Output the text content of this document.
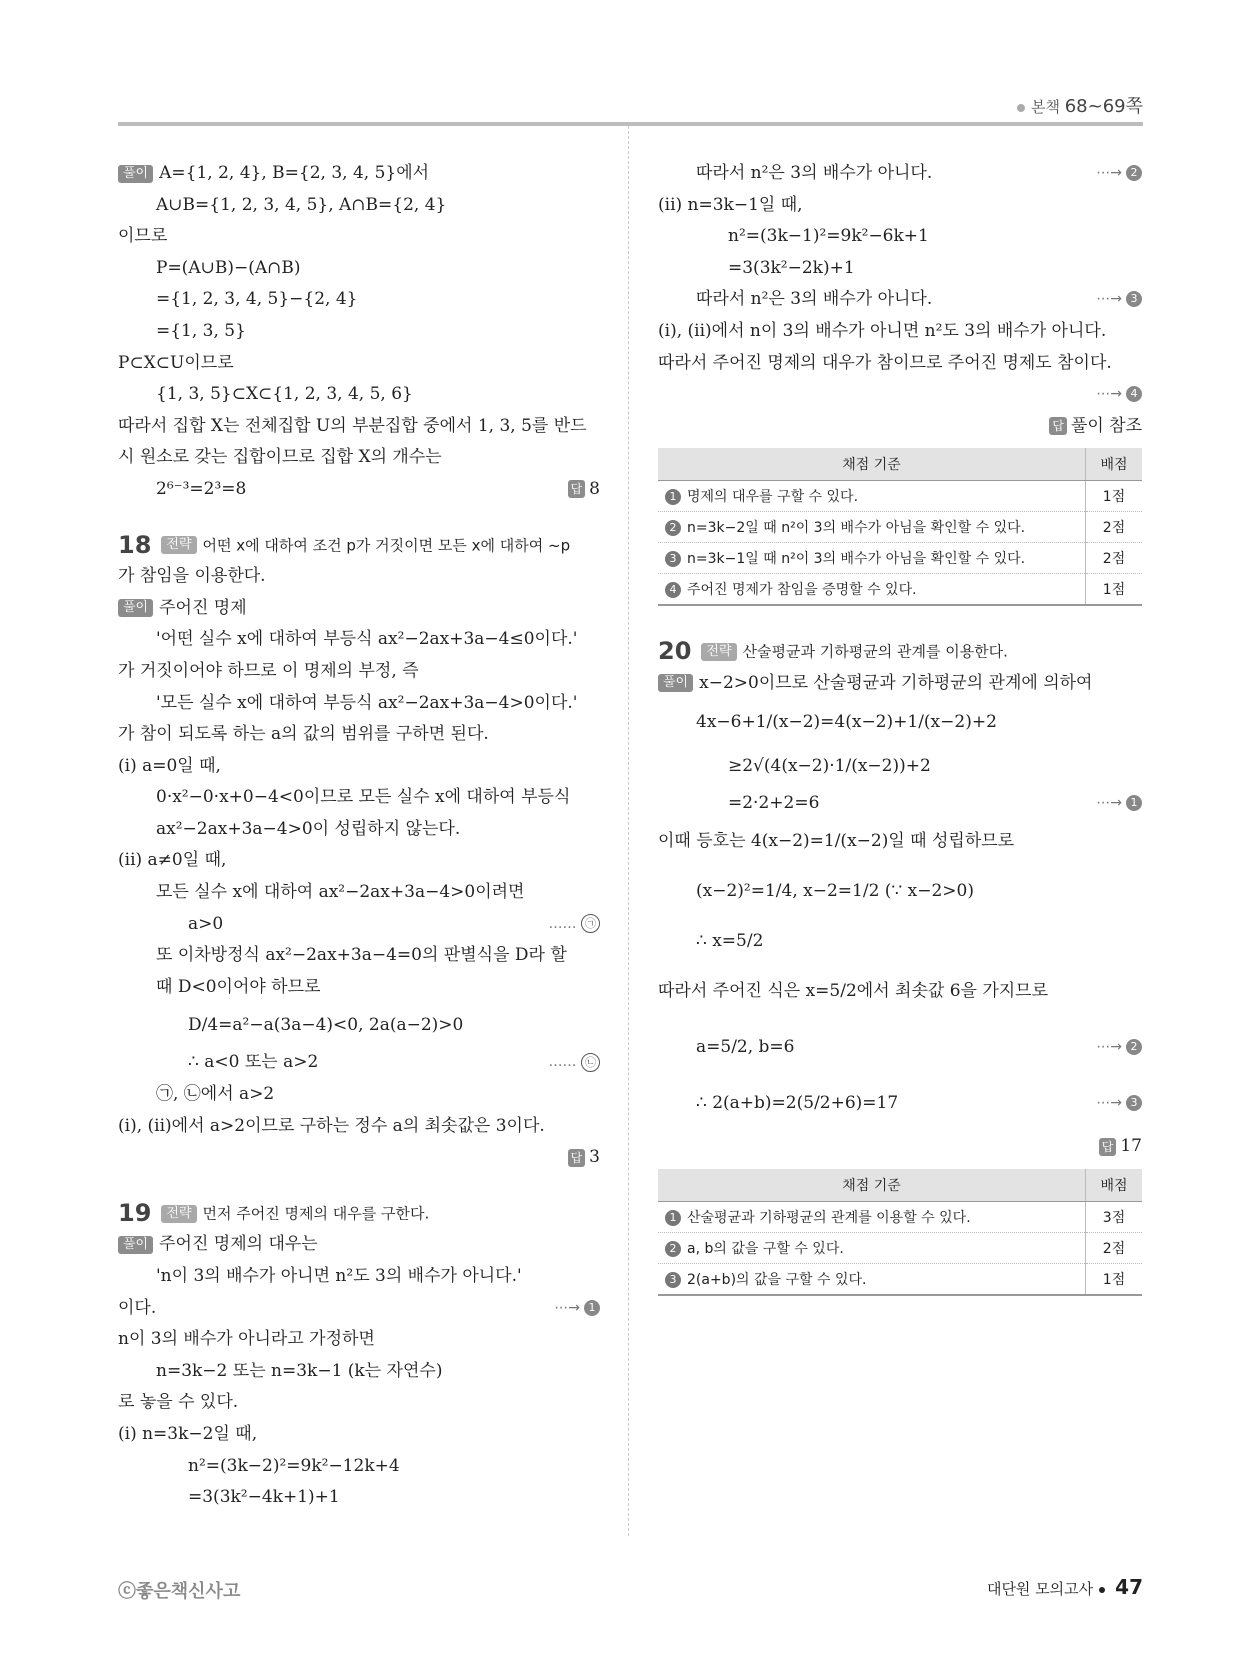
본책 68~69쪽
풀이 A={1, 2, 4}, B={2, 3, 4, 5}에서
A∪B={1, 2, 3, 4, 5}, A∩B={2, 4}
이므로
P=(A∪B)−(A∩B)
={1, 2, 3, 4, 5}−{2, 4}
={1, 3, 5}
P⊂X⊂U이므로
{1, 3, 5}⊂X⊂{1, 2, 3, 4, 5, 6}
따라서 집합 X는 전체집합 U의 부분집합 중에서 1, 3, 5를 반드
시 원소로 갖는 집합이므로 집합 X의 개수는
2⁶⁻³=2³=8	답 8
18 전략 어떤 x에 대하여 조건 p가 거짓이면 모든 x에 대하여 ~p
가 참임을 이용한다.
풀이 주어진 명제
'어떤 실수 x에 대하여 부등식 ax²−2ax+3a−4≤0이다.'
가 거짓이어야 하므로 이 명제의 부정, 즉
'모든 실수 x에 대하여 부등식 ax²−2ax+3a−4>0이다.'
가 참이 되도록 하는 a의 값의 범위를 구하면 된다.
(i) a=0일 때,
0·x²−0·x+0−4<0이므로 모든 실수 x에 대하여 부등식
ax²−2ax+3a−4>0이 성립하지 않는다.
(ii) a≠0일 때,
모든 실수 x에 대하여 ax²−2ax+3a−4>0이려면
a>0	…… ㉠
또 이차방정식 ax²−2ax+3a−4=0의 판별식을 D라 할
때 D<0이어야 하므로
D/4=a²−a(3a−4)<0, 2a(a−2)>0
∴ a<0 또는 a>2	…… ㉡
㉠, ㉡에서 a>2
(i), (ii)에서 a>2이므로 구하는 정수 a의 최솟값은 3이다.
답 3
19 전략 먼저 주어진 명제의 대우를 구한다.
풀이 주어진 명제의 대우는
'n이 3의 배수가 아니면 n²도 3의 배수가 아니다.'
이다.	⋯→ 1
n이 3의 배수가 아니라고 가정하면
n=3k−2 또는 n=3k−1 (k는 자연수)
로 놓을 수 있다.
(i) n=3k−2일 때,
n²=(3k−2)²=9k²−12k+4
=3(3k²−4k+1)+1
따라서 n²은 3의 배수가 아니다.	⋯→ 2
(ii) n=3k−1일 때,
n²=(3k−1)²=9k²−6k+1
=3(3k²−2k)+1
따라서 n²은 3의 배수가 아니다.	⋯→ 3
(i), (ii)에서 n이 3의 배수가 아니면 n²도 3의 배수가 아니다.
따라서 주어진 명제의 대우가 참이므로 주어진 명제도 참이다.
⋯→ 4
답 풀이 참조
채점 기준	배점
1 명제의 대우를 구할 수 있다.	1점
2 n=3k−2일 때 n²이 3의 배수가 아님을 확인할 수 있다.	2점
3 n=3k−1일 때 n²이 3의 배수가 아님을 확인할 수 있다.	2점
4 주어진 명제가 참임을 증명할 수 있다.	1점
20 전략 산술평균과 기하평균의 관계를 이용한다.
풀이 x−2>0이므로 산술평균과 기하평균의 관계에 의하여
4x−6+1/(x−2)=4(x−2)+1/(x−2)+2
≥2√(4(x−2)·1/(x−2))+2
=2·2+2=6	⋯→ 1
이때 등호는 4(x−2)=1/(x−2)일 때 성립하므로
(x−2)²=1/4, x−2=1/2 (∵ x−2>0)
∴ x=5/2
따라서 주어진 식은 x=5/2에서 최솟값 6을 가지므로
a=5/2, b=6	⋯→ 2
∴ 2(a+b)=2(5/2+6)=17	⋯→ 3
답 17
채점 기준	배점
1 산술평균과 기하평균의 관계를 이용할 수 있다.	3점
2 a, b의 값을 구할 수 있다.	2점
3 2(a+b)의 값을 구할 수 있다.	1점
ⓒ좋은책신사고	대단원 모의고사 47
